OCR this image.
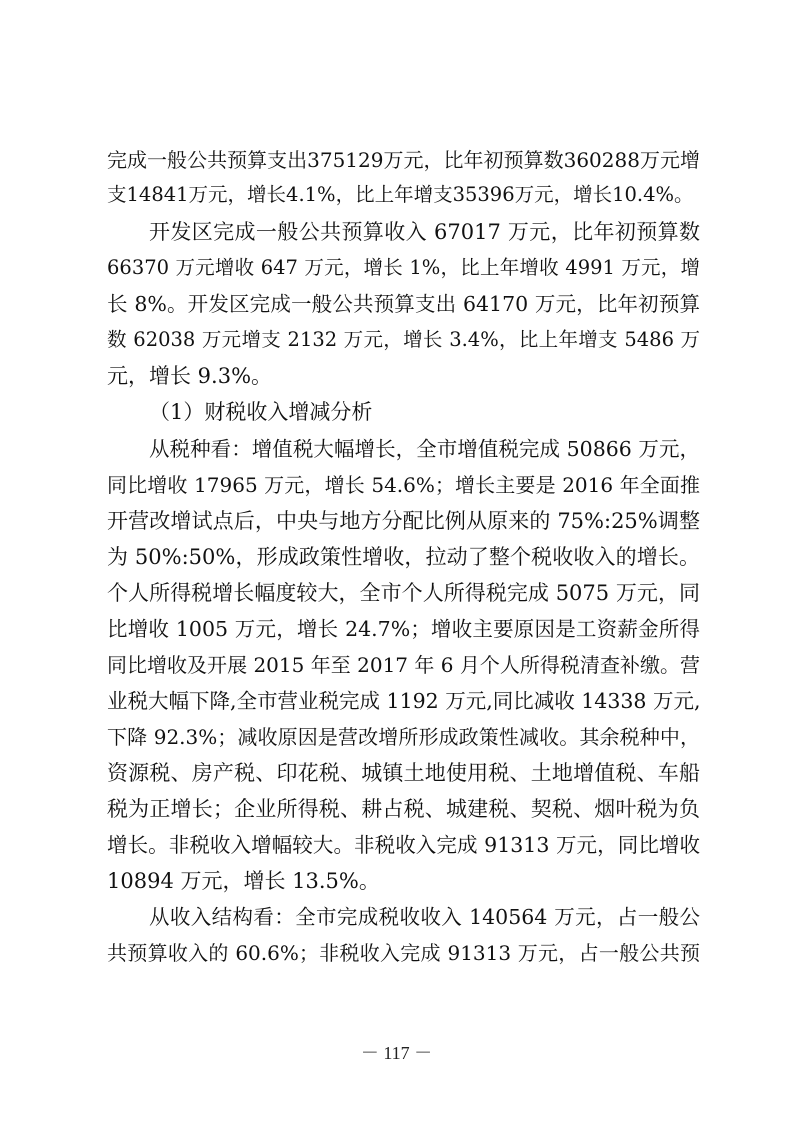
完成一般公共预算支出375129万元，比年初预算数360288万元增
支14841万元，增长4.1%，比上年增支35396万元，增长10.4%。
开发区完成一般公共预算收入 67017 万元，比年初预算数
66370 万元增收 647 万元，增长 1%，比上年增收 4991 万元，增
长 8%。开发区完成一般公共预算支出 64170 万元，比年初预算
数 62038 万元增支 2132 万元，增长 3.4%，比上年增支 5486 万
元，增长 9.3%。
（1）财税收入增减分析
从税种看：增值税大幅增长，全市增值税完成 50866 万元，
同比增收 17965 万元，增长 54.6%；增长主要是 2016 年全面推
开营改增试点后，中央与地方分配比例从原来的 75%:25%调整
为 50%:50%，形成政策性增收，拉动了整个税收收入的增长。
个人所得税增长幅度较大，全市个人所得税完成 5075 万元，同
比增收 1005 万元，增长 24.7%；增收主要原因是工资薪金所得
同比增收及开展 2015 年至 2017 年 6 月个人所得税清查补缴。营
业税大幅下降,全市营业税完成 1192 万元,同比减收 14338 万元,
下降 92.3%；减收原因是营改增所形成政策性减收。其余税种中，
资源税、房产税、印花税、城镇土地使用税、土地增值税、车船
税为正增长；企业所得税、耕占税、城建税、契税、烟叶税为负
增长。非税收入增幅较大。非税收入完成 91313 万元，同比增收
10894 万元，增长 13.5%。
从收入结构看：全市完成税收收入 140564 万元，占一般公
共预算收入的 60.6%；非税收入完成 91313 万元，占一般公共预
－ 117 －
